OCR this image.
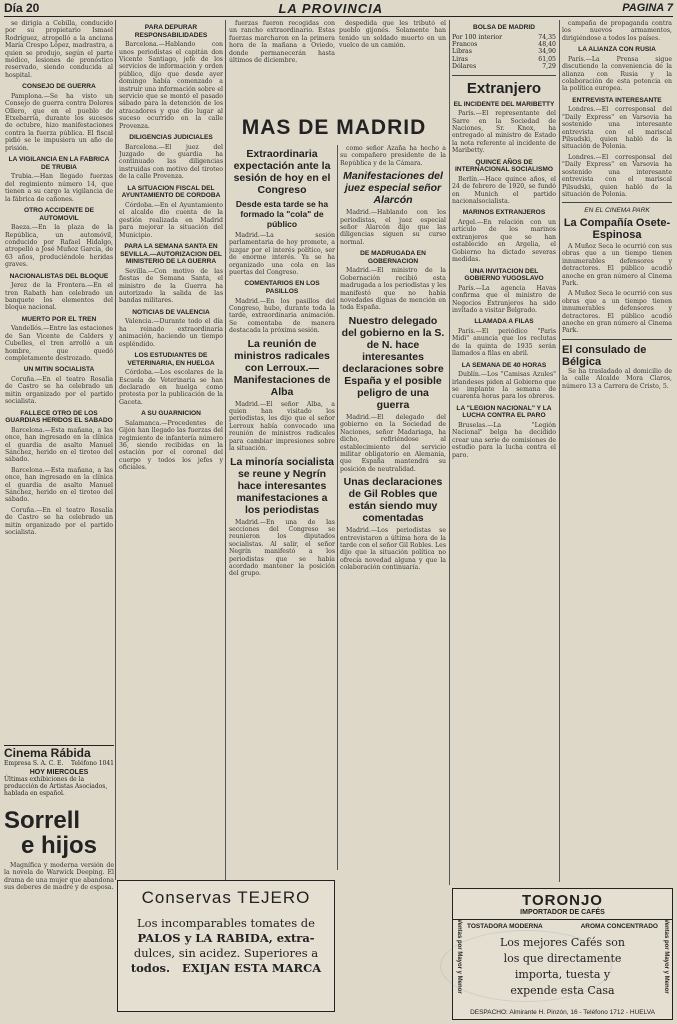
Día 20	LA PROVINCIA	PAGINA 7

se dirigía a Cebilla, conducido por su propietario Ismael Rodríguez, atropelló a la anciana María Crespo López, madrastra, a quien se produjo, según el parte médico, lesiones de pronóstico reservado, siendo conducida al hospital.

CONSEJO DE GUERRA

Pamplona.—Se ha visto un Consejo de guerra contra Dolores Ollero, que en el pueblo de Etxebarría, durante los sucesos de octubre, hizo manifestaciones contra la fuerza pública. El fiscal pidió se le impusiera un año de prisión.

LA VIGILANCIA EN LA FABRICA DE TRUBIA

Trubia.—Han llegado fuerzas del regimiento número 14, que tienen a su cargo la vigilancia de la fábrica de cañones.

OTRO ACCIDENTE DE AUTOMOVIL

Baeza.—En la plaza de la República, un automóvil, conducido por Rafael Hidalgo, atropelló a José Muñoz García, de 63 años, produciéndole heridas graves.

NACIONALISTAS DEL BLOQUE

Jerez de la Frontera.—En el tren Rabath han celebrado un banquete los elementos del bloque nacional.

MUERTO POR EL TREN

Vandellós.—Entre las estaciones de San Vicente de Calders y Cubelles, el tren arrolló a un hombre, que quedó completamente destrozado.

UN MITIN SOCIALISTA

Coruña.—En el teatro Rosalía de Castro se ha celebrado un mitin organizado por el partido socialista.

FALLECE OTRO DE LOS GUARDIAS HERIDOS EL SABADO

Barcelona.—Esta mañana, a las once, han ingresado en la clínica el guardia de asalto Manuel Sánchez, herido en el tiroteo del sábado.

Barcelona.—Esta mañana, a las once, han ingresado en la clínica el guardia de asalto Manuel Sánchez, herido en el tiroteo del sábado.

Coruña.—En el teatro Rosalía de Castro se ha celebrado un mitin organizado por el partido socialista.

Cinema Rábida
Empresa S. A. C. E. Teléfono 1041
HOY MIERCOLES
Últimas exhibiciones de la producción de Artistas Asociados, hablada en español.
Sorrell
e hijos

Magnífica y moderna versión de la novela de Warwick Deeping. El drama de una mujer que abandona sus deberes de madre y de esposa.

PARA DEPURAR RESPONSABILIDADES

Barcelona.—Hablando con unos periodistas el capitán don Vicente Santiago, jefe de los servicios de información y orden público, dijo que desde ayer domingo había comenzado a instruir una información sobre el servicio que se montó el pasado sábado para la detención de los atracadores y que dio lugar al suceso ocurrido en la calle Provenza.

DILIGENCIAS JUDICIALES

Barcelona.—El juez del Juzgado de guardia ha continuado las diligencias instruidas con motivo del tiroteo de la calle Provenza.

LA SITUACION FISCAL DEL AYUNTAMIENTO DE CORDOBA

Córdoba.—En el Ayuntamiento el alcalde dio cuenta de la gestión realizada en Madrid para mejorar la situación del Municipio.

PARA LA SEMANA SANTA EN SEVILLA.—AUTORIZACION DEL MINISTERIO DE LA GUERRA

Sevilla.—Con motivo de las fiestas de Semana Santa, el ministro de la Guerra ha autorizado la salida de las bandas militares.

NOTICIAS DE VALENCIA

Valencia.—Durante todo el día ha reinado extraordinaria animación, haciendo un tiempo espléndido.

LOS ESTUDIANTES DE VETERINARIA, EN HUELGA

Córdoba.—Los escolares de la Escuela de Veterinaria se han declarado en huelga como protesta por la publicación de la Gaceta.

A SU GUARNICION

Salamanca.—Procedentes de Gijón han llegado las fuerzas del regimiento de infantería número 36, siendo recibidas en la estación por el coronel del cuerpo y todos los jefes y oficiales.

fuerzas fueron recogidas con un rancho extraordinario. Estas fuerzas marcharon en la primera hora de la mañana a Oviedo, donde permanecerán hasta últimos de diciembre.

despedida que les tributó el pueblo gijonés. Solamente han tenido un soldado muerto en un vuelco de un camión.

MAS DE MADRID
Extraordinaria expectación ante la sesión de hoy en el Congreso
Desde esta tarde se ha formado la "cola" de público

Madrid.—La sesión parlamentaria de hoy promete, a juzgar por el interés político, ser de enorme interés. Ya se ha organizado una cola en las puertas del Congreso.

COMENTARIOS EN LOS PASILLOS

Madrid.—En los pasillos del Congreso, hubo, durante toda la tarde, extraordinaria animación. Se comentaba de manera destacada la próxima sesión.

La reunión de ministros radicales con Lerroux.—Manifestaciones de Alba

Madrid.—El señor Alba, a quien han visitado los periodistas, les dijo que el señor Lerroux había convocado una reunión de ministros radicales para cambiar impresiones sobre la situación.

La minoría socialista se reune y Negrín hace interesantes manifestaciones a los periodistas

Madrid.—En una de las secciones del Congreso se reunieron los diputados socialistas. Al salir, el señor Negrín manifestó a los periodistas que se había acordado mantener la posición del grupo.

como señor Azaña ha hecho a su compañero presidente de la República y de la Cámara.

Manifestaciones del juez especial señor Alarcón

Madrid.—Hablando con los periodistas, el juez especial señor Alarcón dijo que las diligencias siguen su curso normal.

DE MADRUGADA EN GOBERNACION

Madrid.—El ministro de la Gobernación recibió esta madrugada a los periodistas y les manifestó que no había novedades dignas de mención en toda España.

Nuestro delegado del gobierno en la S. de N. hace interesantes declaraciones sobre España y el posible peligro de una guerra

Madrid.—El delegado del gobierno en la Sociedad de Naciones, señor Madariaga, ha dicho, refiriéndose al establecimiento del servicio militar obligatorio en Alemania, que España mantendrá su posición de neutralidad.

Unas declaraciones de Gil Robles que están siendo muy comentadas

Madrid.—Los periodistas se entrevistaron a última hora de la tarde con el señor Gil Robles. Les dijo que la situación política no ofrecía novedad alguna y que la colaboración continuaría.

BOLSA DE MADRID
Por 100 interior	74,35
Francos	48,40
Libras	34,90
Liras	61,05
Dólares	7,29
Extranjero
EL INCIDENTE DEL MARIBETTY

París.—El representante del Sarre en la Sociedad de Naciones, Sr. Knox, ha entregado al ministro de Estado la nota referente al incidente de Maribetty.

QUINCE AÑOS DE INTERNACIONAL SOCIALISMO

Berlín.—Hace quince años, el 24 de febrero de 1920, se fundó en Munich el partido nacionalsocialista.

MARINOS EXTRANJEROS

Argel.—En relación con un artículo de los marinos extranjeros que se han establecido en Argelia, el Gobierno ha dictado severas medidas.

UNA INVITACION DEL GOBIERNO YUGOSLAVO

París.—La agencia Havas confirma que el ministro de Negocios Extranjeros ha sido invitado a visitar Belgrado.

LLAMADA A FILAS

París.—El periódico "Paris Midi" anuncia que los reclutas de la quinta de 1935 serán llamados a filas en abril.

LA SEMANA DE 40 HORAS

Dublín.—Los "Camisas Azules" irlandeses piden al Gobierno que se implante la semana de cuarenta horas para los obreros.

LA "LEGION NACIONAL" Y LA LUCHA CONTRA EL PARO

Bruselas.—La "Legión Nacional" belga ha decidido crear una serie de comisiones de estudio para la lucha contra el paro.

campaña de propaganda contra los nuevos armamentos, dirigiéndose a todos los países.

LA ALIANZA CON RUSIA

París.—La Prensa sigue discutiendo la conveniencia de la alianza con Rusia y la colaboración de esta potencia en la política europea.

ENTREVISTA INTERESANTE

Londres.—El corresponsal del "Daily Express" en Varsovia ha sostenido una interesante entrevista con el mariscal Pilsudski, quien habló de la situación de Polonia.

Londres.—El corresponsal del "Daily Express" en Varsovia ha sostenido una interesante entrevista con el mariscal Pilsudski, quien habló de la situación de Polonia.

EN EL CINEMA PARK
La Compañía Osete-Espinosa

A Muñoz Seca le ocurrió con sus obras que a un tiempo tienen innumerables defensores y detractores. El público acudió anoche en gran número al Cinema Park.

A Muñoz Seca le ocurrió con sus obras que a un tiempo tienen innumerables defensores y detractores. El público acudió anoche en gran número al Cinema Park.

El consulado de Bélgica

Se ha trasladado al domicilio de la calle Alcalde Mora Claros, número 13 a Carrera de Cristo, 5.

Conservas TEJERO
Los incomparables tomates de
PALOS y LA RABIDA, extra-
dulces, sin acidez. Superiores a
todos.   EXIJAN ESTA MARCA
TORONJO
IMPORTADOR DE CAFÉS
TOSTADORA MODERNA	AROMA CONCENTRADO
Los mejores Cafés son
los que directamente
importa, tuesta y
expende esta Casa
Ventas por Mayor y Menor	Ventas por Mayor y Menor
DESPACHO: Almirante H. Pinzón, 16 - Teléfono 1712 - HUELVA
